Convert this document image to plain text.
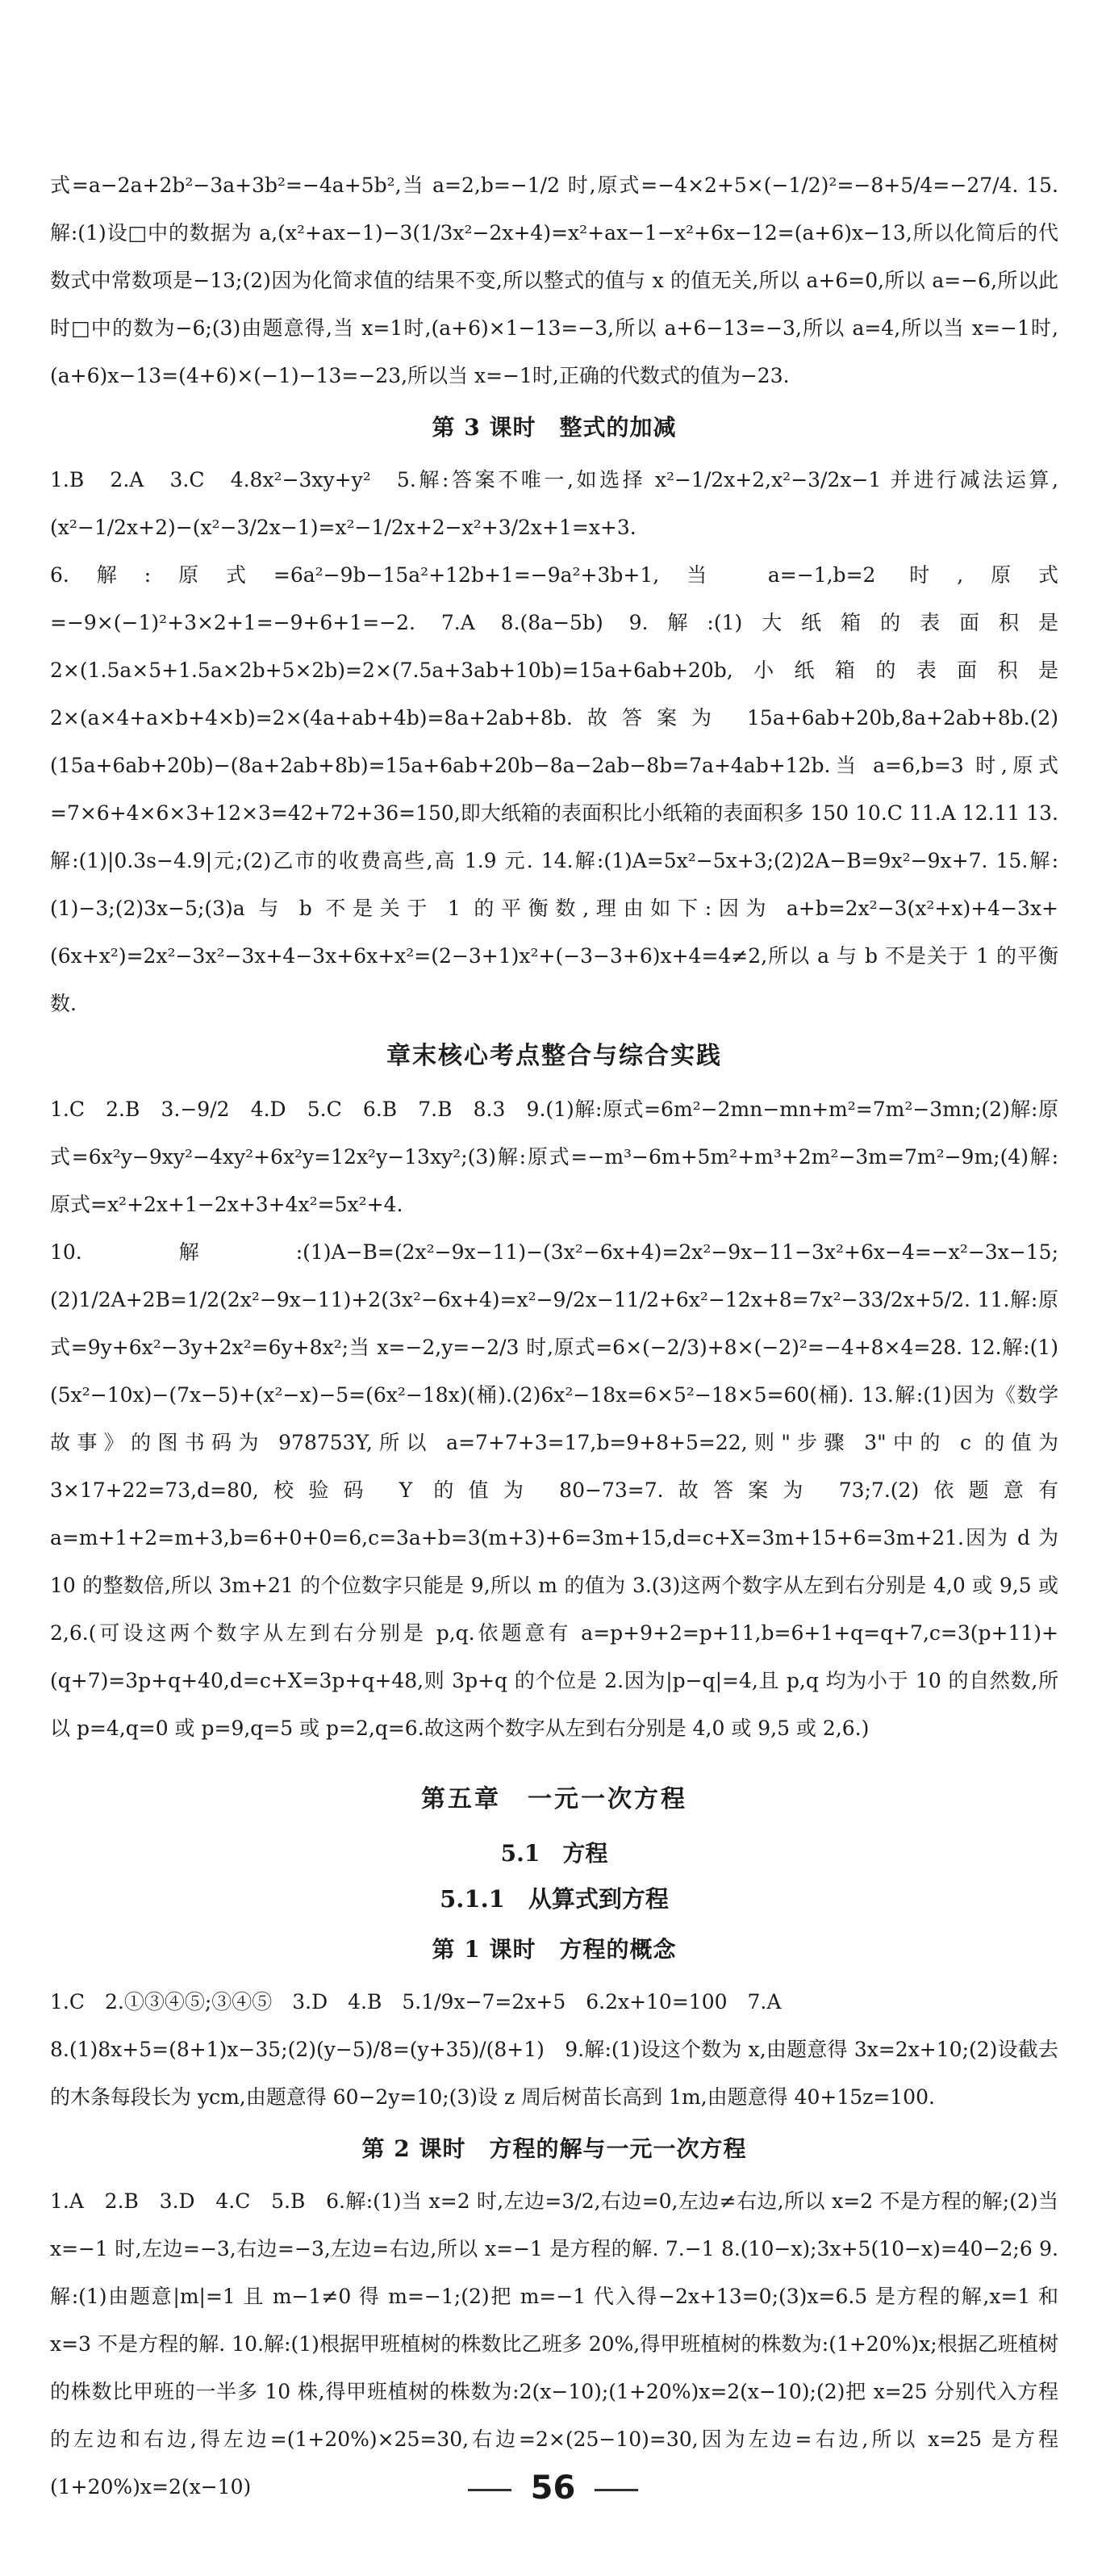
式=a−2a+2b²−3a+3b²=−4a+5b²,当 a=2,b=−1/2 时,原式=−4×2+5×(−1/2)²=−8+5/4=−27/4. 15.解:(1)设□中的数据为 a,(x²+ax−1)−3(1/3x²−2x+4)=x²+ax−1−x²+6x−12=(a+6)x−13,所以化简后的代数式中常数项是−13;(2)因为化简求值的结果不变,所以整式的值与 x 的值无关,所以 a+6=0,所以 a=−6,所以此时□中的数为−6;(3)由题意得,当 x=1时,(a+6)×1−13=−3,所以 a+6−13=−3,所以 a=4,所以当 x=−1时,(a+6)x−13=(4+6)×(−1)−13=−23,所以当 x=−1时,正确的代数式的值为−23.

第 3 课时　整式的加减

1.B　2.A　3.C　4.8x²−3xy+y²　5.解:答案不唯一,如选择 x²−1/2x+2,x²−3/2x−1 并进行减法运算,(x²−1/2x+2)−(x²−3/2x−1)=x²−1/2x+2−x²+3/2x+1=x+3.

6.解:原式=6a²−9b−15a²+12b+1=−9a²+3b+1,当 a=−1,b=2 时,原式=−9×(−1)²+3×2+1=−9+6+1=−2. 7.A 8.(8a−5b) 9.解:(1)大纸箱的表面积是 2×(1.5a×5+1.5a×2b+5×2b)=2×(7.5a+3ab+10b)=15a+6ab+20b,小纸箱的表面积是 2×(a×4+a×b+4×b)=2×(4a+ab+4b)=8a+2ab+8b.故答案为 15a+6ab+20b,8a+2ab+8b.(2)(15a+6ab+20b)−(8a+2ab+8b)=15a+6ab+20b−8a−2ab−8b=7a+4ab+12b.当 a=6,b=3 时,原式=7×6+4×6×3+12×3=42+72+36=150,即大纸箱的表面积比小纸箱的表面积多 150 10.C 11.A 12.11 13.解:(1)|0.3s−4.9|元;(2)乙市的收费高些,高 1.9 元. 14.解:(1)A=5x²−5x+3;(2)2A−B=9x²−9x+7. 15.解:(1)−3;(2)3x−5;(3)a 与 b 不是关于 1 的平衡数,理由如下:因为 a+b=2x²−3(x²+x)+4−3x+(6x+x²)=2x²−3x²−3x+4−3x+6x+x²=(2−3+1)x²+(−3−3+6)x+4=4≠2,所以 a 与 b 不是关于 1 的平衡数.

章末核心考点整合与综合实践

1.C　2.B　3.−9/2　4.D　5.C　6.B　7.B　8.3　9.(1)解:原式=6m²−2mn−mn+m²=7m²−3mn;(2)解:原式=6x²y−9xy²−4xy²+6x²y=12x²y−13xy²;(3)解:原式=−m³−6m+5m²+m³+2m²−3m=7m²−9m;(4)解:原式=x²+2x+1−2x+3+4x²=5x²+4.

10.解:(1)A−B=(2x²−9x−11)−(3x²−6x+4)=2x²−9x−11−3x²+6x−4=−x²−3x−15;(2)1/2A+2B=1/2(2x²−9x−11)+2(3x²−6x+4)=x²−9/2x−11/2+6x²−12x+8=7x²−33/2x+5/2. 11.解:原式=9y+6x²−3y+2x²=6y+8x²;当 x=−2,y=−2/3 时,原式=6×(−2/3)+8×(−2)²=−4+8×4=28. 12.解:(1)(5x²−10x)−(7x−5)+(x²−x)−5=(6x²−18x)(桶).(2)6x²−18x=6×5²−18×5=60(桶). 13.解:(1)因为《数学故事》的图书码为 978753Y,所以 a=7+7+3=17,b=9+8+5=22,则"步骤 3"中的 c 的值为 3×17+22=73,d=80,校验码 Y 的值为 80−73=7.故答案为 73;7.(2)依题意有 a=m+1+2=m+3,b=6+0+0=6,c=3a+b=3(m+3)+6=3m+15,d=c+X=3m+15+6=3m+21.因为 d 为 10 的整数倍,所以 3m+21 的个位数字只能是 9,所以 m 的值为 3.(3)这两个数字从左到右分别是 4,0 或 9,5 或 2,6.(可设这两个数字从左到右分别是 p,q.依题意有 a=p+9+2=p+11,b=6+1+q=q+7,c=3(p+11)+(q+7)=3p+q+40,d=c+X=3p+q+48,则 3p+q 的个位是 2.因为|p−q|=4,且 p,q 均为小于 10 的自然数,所以 p=4,q=0 或 p=9,q=5 或 p=2,q=6.故这两个数字从左到右分别是 4,0 或 9,5 或 2,6.)

第五章　一元一次方程
5.1　方程
5.1.1　从算式到方程
第 1 课时　方程的概念

1.C　2.①③④⑤;③④⑤　3.D　4.B　5.1/9x−7=2x+5　6.2x+10=100　7.A

8.(1)8x+5=(8+1)x−35;(2)(y−5)/8=(y+35)/(8+1)　9.解:(1)设这个数为 x,由题意得 3x=2x+10;(2)设截去的木条每段长为 ycm,由题意得 60−2y=10;(3)设 z 周后树苗长高到 1m,由题意得 40+15z=100.

第 2 课时　方程的解与一元一次方程

1.A　2.B　3.D　4.C　5.B　6.解:(1)当 x=2 时,左边=3/2,右边=0,左边≠右边,所以 x=2 不是方程的解;(2)当 x=−1 时,左边=−3,右边=−3,左边=右边,所以 x=−1 是方程的解. 7.−1 8.(10−x);3x+5(10−x)=40−2;6 9.解:(1)由题意|m|=1 且 m−1≠0 得 m=−1;(2)把 m=−1 代入得−2x+13=0;(3)x=6.5 是方程的解,x=1 和 x=3 不是方程的解. 10.解:(1)根据甲班植树的株数比乙班多 20%,得甲班植树的株数为:(1+20%)x;根据乙班植树的株数比甲班的一半多 10 株,得甲班植树的株数为:2(x−10);(1+20%)x=2(x−10);(2)把 x=25 分别代入方程的左边和右边,得左边=(1+20%)×25=30,右边=2×(25−10)=30,因为左边=右边,所以 x=25 是方程(1+20%)x=2(x−10)	56
